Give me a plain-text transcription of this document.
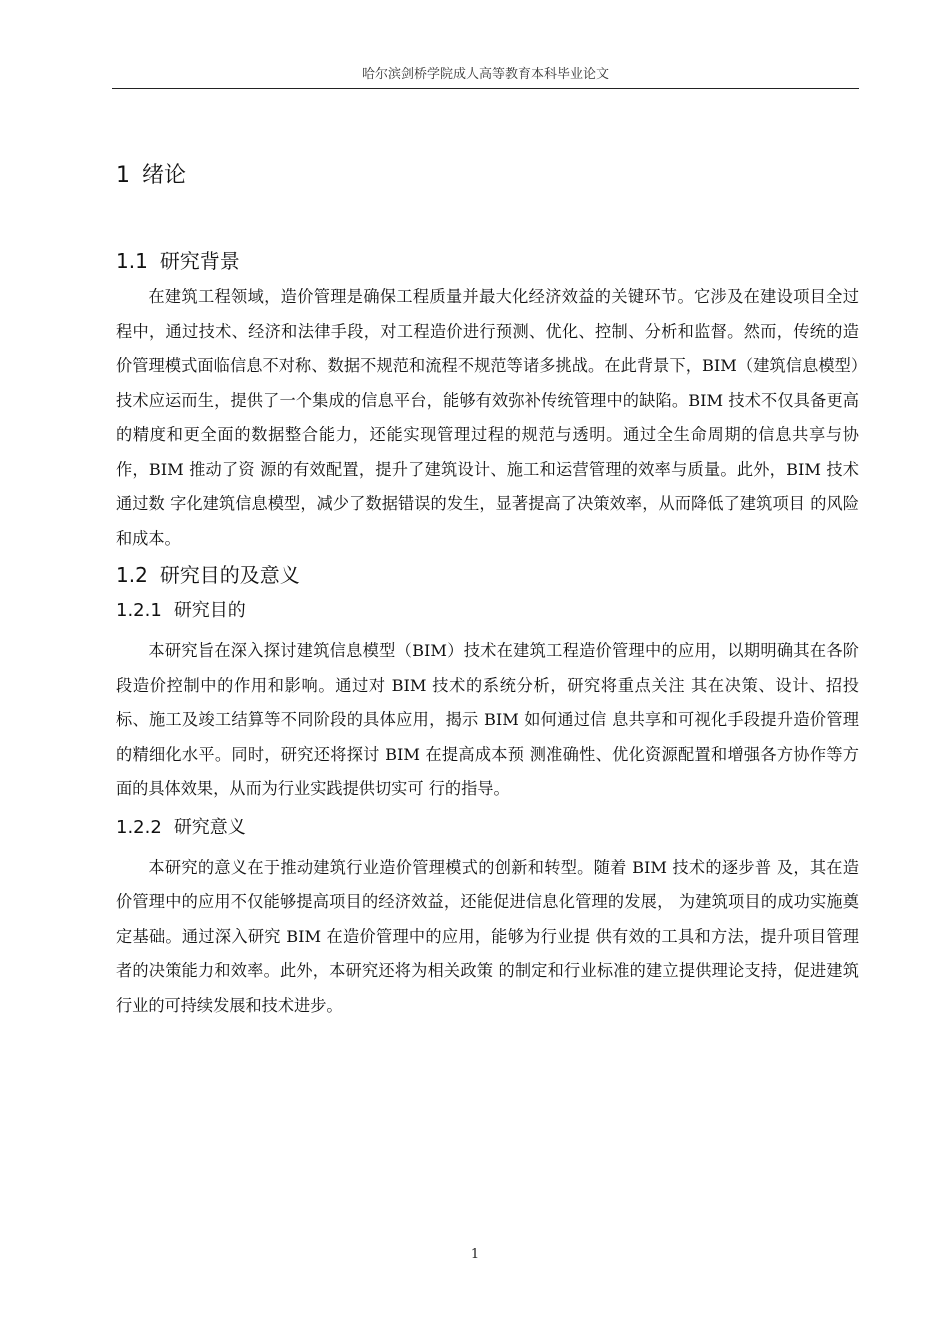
哈尔滨剑桥学院成人高等教育本科毕业论文
1 绪论
1.1 研究背景

在建筑工程领域，造价管理是确保工程质量并最大化经济效益的关键环节。它涉及在建设项目全过程中，通过技术、经济和法律手段，对工程造价进行预测、优化、控制、分析和监督。然而，传统的造价管理模式面临信息不对称、数据不规范和流程不规范等诸多挑战。在此背景下，BIM（建筑信息模型）技术应运而生，提供了一个集成的信息平台，能够有效弥补传统管理中的缺陷。BIM 技术不仅具备更高的精度和更全面的数据整合能力，还能实现管理过程的规范与透明。通过全生命周期的信息共享与协作，BIM 推动了资 源的有效配置，提升了建筑设计、施工和运营管理的效率与质量。此外，BIM 技术通过数 字化建筑信息模型，减少了数据错误的发生，显著提高了决策效率，从而降低了建筑项目 的风险和成本。

1.2 研究目的及意义
1.2.1 研究目的

本研究旨在深入探讨建筑信息模型（BIM）技术在建筑工程造价管理中的应用，以期明确其在各阶段造价控制中的作用和影响。通过对 BIM 技术的系统分析，研究将重点关注 其在决策、设计、招投标、施工及竣工结算等不同阶段的具体应用，揭示 BIM 如何通过信 息共享和可视化手段提升造价管理的精细化水平。同时，研究还将探讨 BIM 在提高成本预 测准确性、优化资源配置和增强各方协作等方面的具体效果，从而为行业实践提供切实可 行的指导。

1.2.2 研究意义

本研究的意义在于推动建筑行业造价管理模式的创新和转型。随着 BIM 技术的逐步普 及，其在造价管理中的应用不仅能够提高项目的经济效益，还能促进信息化管理的发展， 为建筑项目的成功实施奠定基础。通过深入研究 BIM 在造价管理中的应用，能够为行业提 供有效的工具和方法，提升项目管理者的决策能力和效率。此外，本研究还将为相关政策 的制定和行业标准的建立提供理论支持，促进建筑行业的可持续发展和技术进步。

1
